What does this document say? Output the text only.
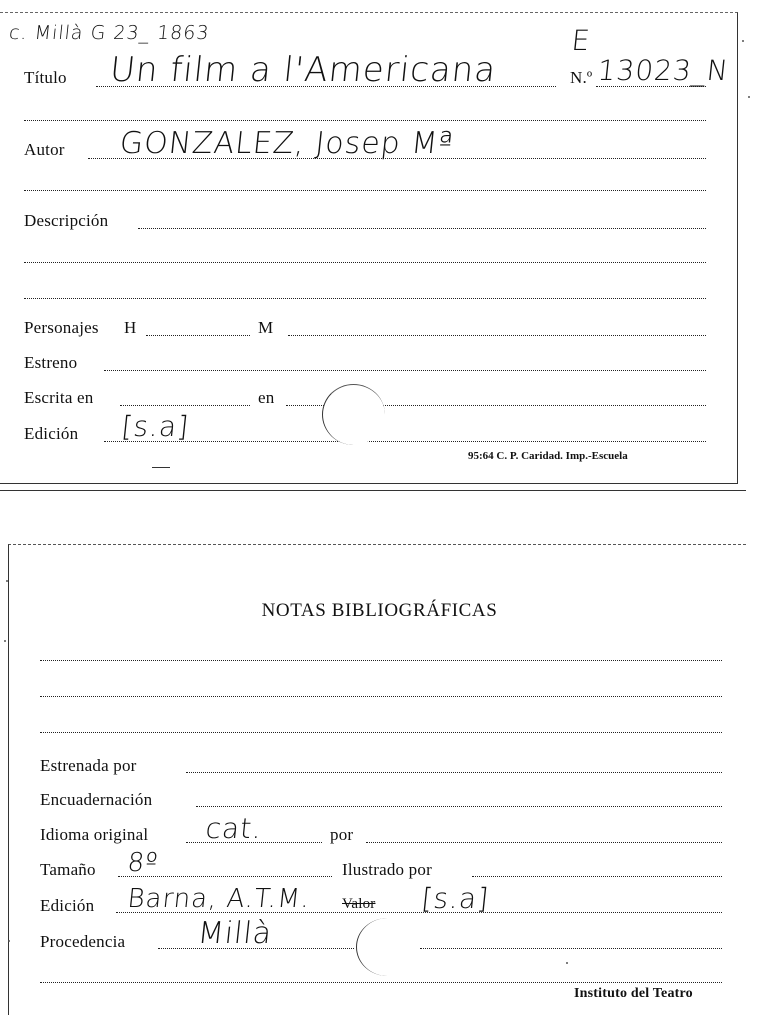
c. Millà G 23_ 1863	E
Título Un film a l'Americana	N.º 13023_N
Autor GONZALEZ, Josep Mª
Descripción
Personajes H	M
Estreno
Escrita en	en
Edición [s.a]
95:64 C. P. Caridad. Imp.-Escuela
NOTAS BIBLIOGRÁFICAS
Estrenada por
Encuadernación
Idioma original cat.	por
Tamaño 8º	Ilustrado por
Edición Barna, A.T.M. Valor [s.a]
Procedencia Millà
Instituto del Teatro
